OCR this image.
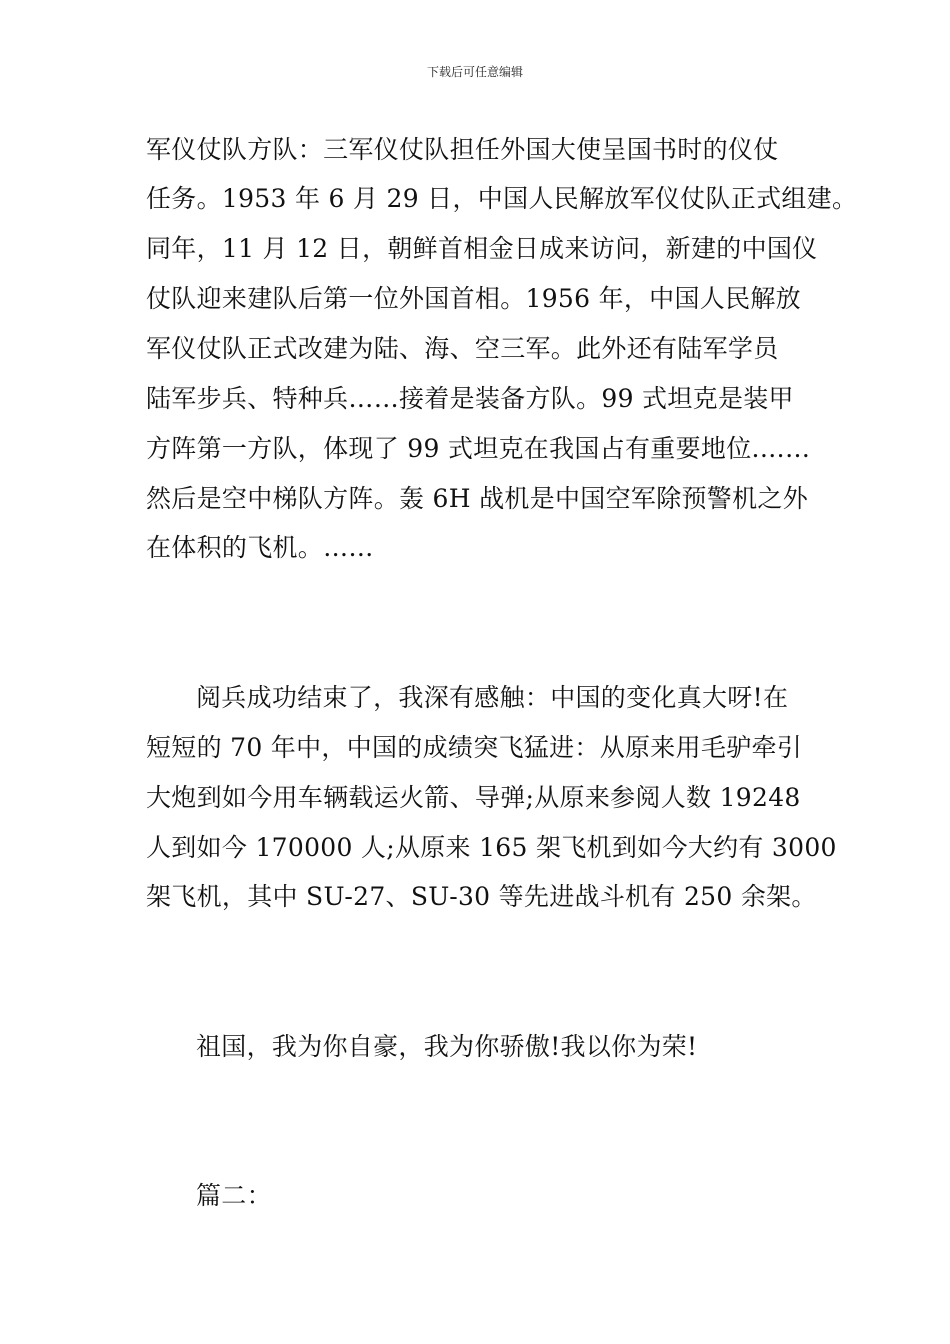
下载后可任意编辑
军仪仗队方队：三军仪仗队担任外国大使呈国书时的仪仗
任务。1953 年 6 月 29 日，中国人民解放军仪仗队正式组建。
同年，11 月 12 日，朝鲜首相金日成来访问，新建的中国仪
仗队迎来建队后第一位外国首相。1956 年，中国人民解放
军仪仗队正式改建为陆、海、空三军。此外还有陆军学员
陆军步兵、特种兵……接着是装备方队。99 式坦克是装甲
方阵第一方队，体现了 99 式坦克在我国占有重要地位.……
然后是空中梯队方阵。轰 6H 战机是中国空军除预警机之外
在体积的飞机。……
阅兵成功结束了，我深有感触：中国的变化真大呀!在
短短的 70 年中，中国的成绩突飞猛进：从原来用毛驴牵引
大炮到如今用车辆载运火箭、导弹;从原来参阅人数 19248
人到如今 170000 人;从原来 165 架飞机到如今大约有 3000
架飞机，其中 SU-27、SU-30 等先进战斗机有 250 余架。
祖国，我为你自豪，我为你骄傲!我以你为荣!
篇二：
